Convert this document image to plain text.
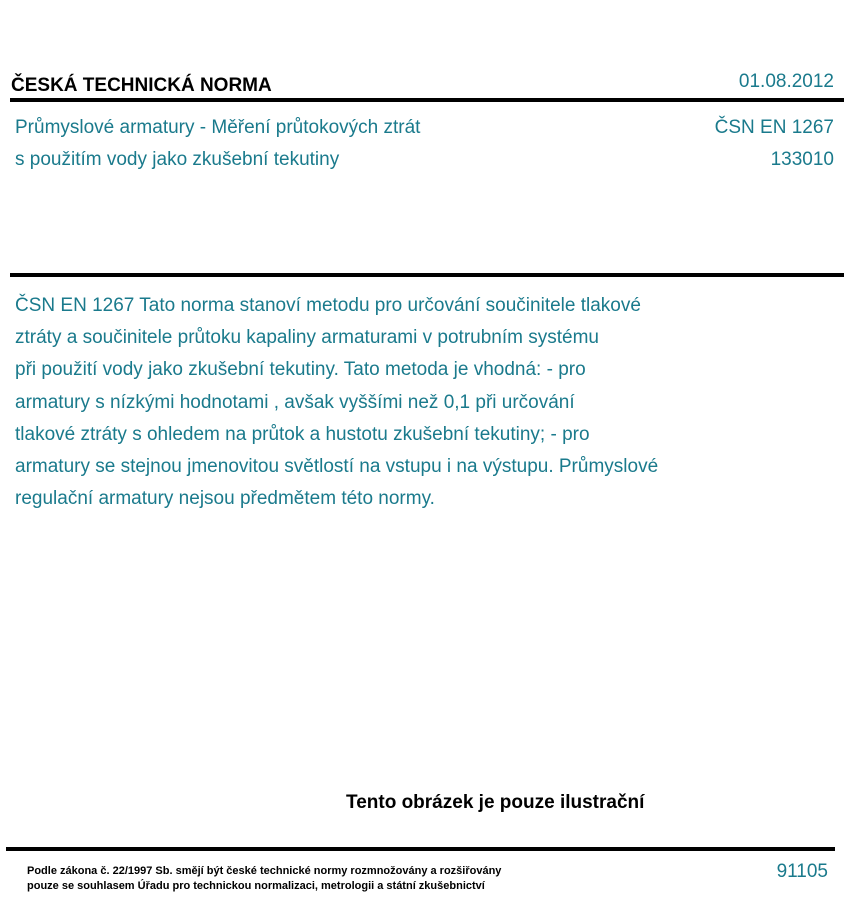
ČESKÁ TECHNICKÁ NORMA	01.08.2012
Průmyslové armatury - Měření průtokových ztrát
s použitím vody jako zkušební tekutiny
ČSN EN 1267
133010

ČSN EN 1267 Tato norma stanoví metodu pro určování součinitele tlakové
ztráty a součinitele průtoku kapaliny armaturami v potrubním systému
při použití vody jako zkušební tekutiny. Tato metoda je vhodná: - pro
armatury s nízkými hodnotami , avšak vyššími než 0,1 při určování
tlakové ztráty s ohledem na průtok a hustotu zkušební tekutiny; - pro
armatury se stejnou jmenovitou světlostí na vstupu i na výstupu. Průmyslové
regulační armatury nejsou předmětem této normy.

Tento obrázek je pouze ilustrační
Podle zákona č. 22/1997 Sb. smějí být české technické normy rozmnožovány a rozšiřovány
pouze se souhlasem Úřadu pro technickou normalizaci, metrologii a státní zkušebnictví
91105
